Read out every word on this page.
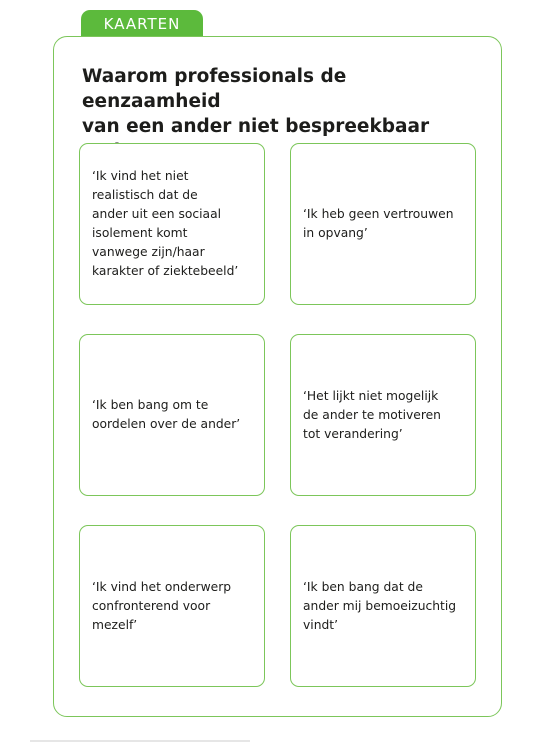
KAARTEN
Waarom professionals de eenzaamheid
van een ander niet bespreekbaar

‘Ik vind het niet
realistisch dat de
ander uit een sociaal
isolement komt
vanwege zijn/haar
karakter of ziektebeeld’

‘Ik heb geen vertrouwen
in opvang’

‘Ik ben bang om te
oordelen over de ander’

‘Het lijkt niet mogelijk
de ander te motiveren
tot verandering’

‘Ik vind het onderwerp
confronterend voor
mezelf’

‘Ik ben bang dat de
ander mij bemoeizuchtig
vindt’
